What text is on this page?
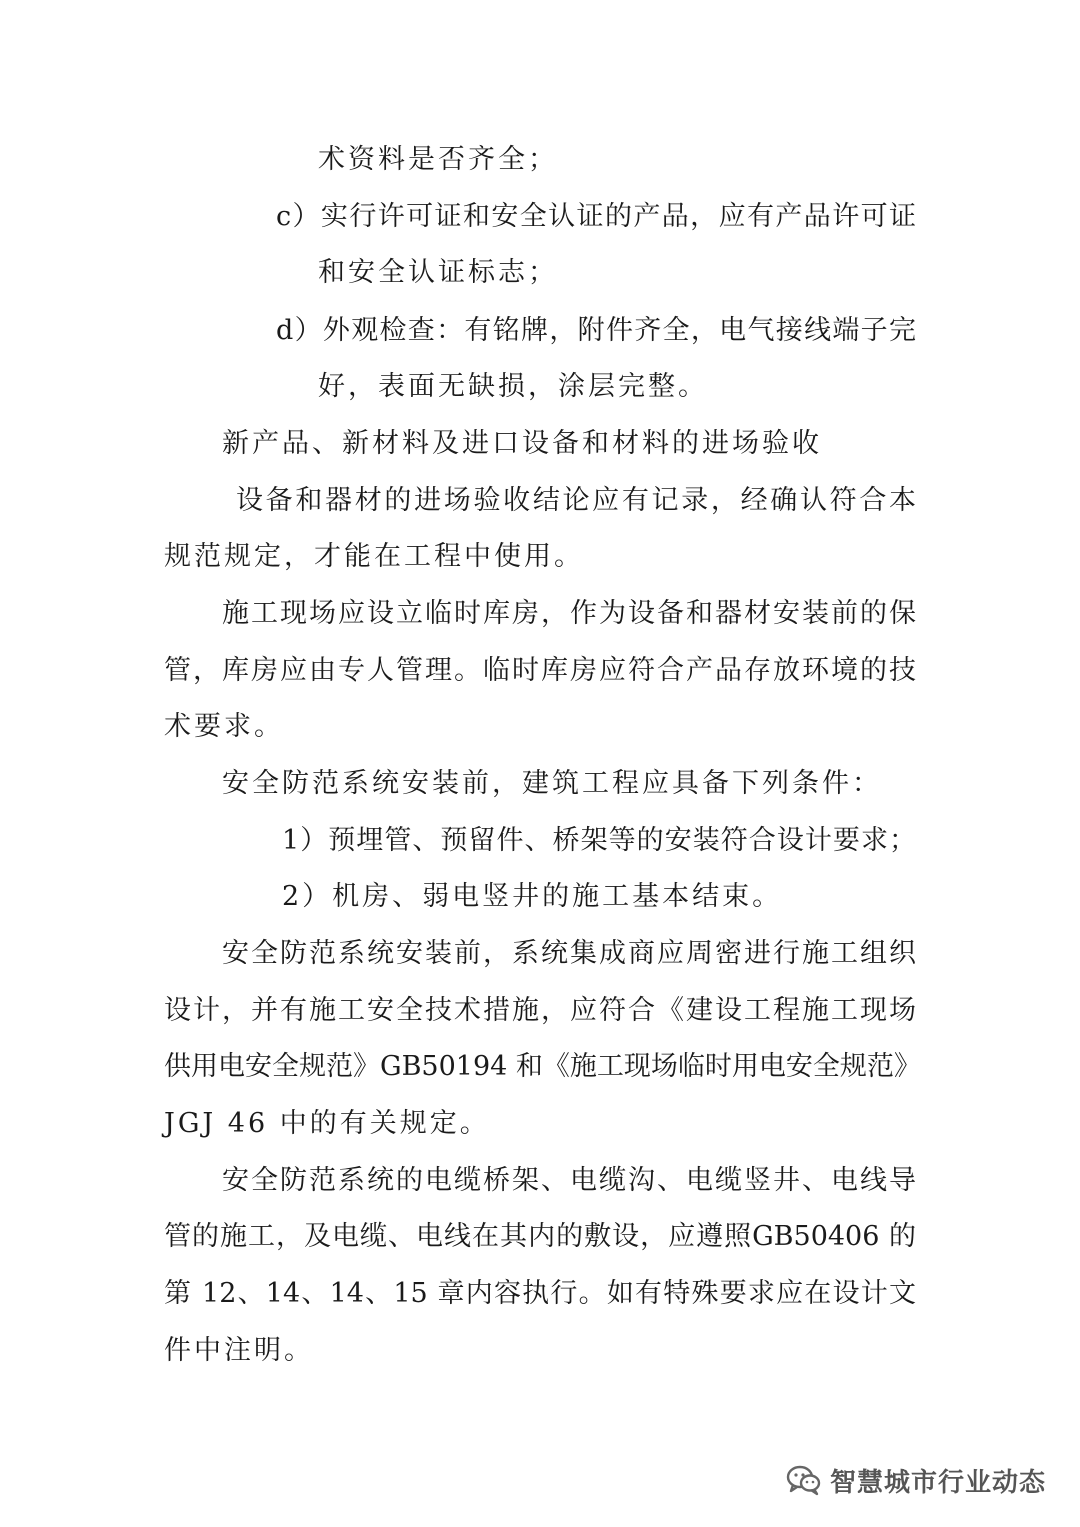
术资料是否齐全；
c）实行许可证和安全认证的产品，应有产品许可证
和安全认证标志；
d）外观检查：有铭牌，附件齐全，电气接线端子完
好，表面无缺损，涂层完整。
新产品、新材料及进口设备和材料的进场验收
设备和器材的进场验收结论应有记录，经确认符合本
规范规定，才能在工程中使用。
施工现场应设立临时库房，作为设备和器材安装前的保
管，库房应由专人管理。临时库房应符合产品存放环境的技
术要求。
安全防范系统安装前，建筑工程应具备下列条件：
1）预埋管、预留件、桥架等的安装符合设计要求；
2）机房、弱电竖井的施工基本结束。
安全防范系统安装前，系统集成商应周密进行施工组织
设计，并有施工安全技术措施，应符合《建设工程施工现场
供用电安全规范》GB50194 和《施工现场临时用电安全规范》
JGJ 46 中的有关规定。
安全防范系统的电缆桥架、电缆沟、电缆竖井、电线导
管的施工，及电缆、电线在其内的敷设，应遵照GB50406 的
第 12、14、14、15 章内容执行。如有特殊要求应在设计文
件中注明。
智慧城市行业动态
